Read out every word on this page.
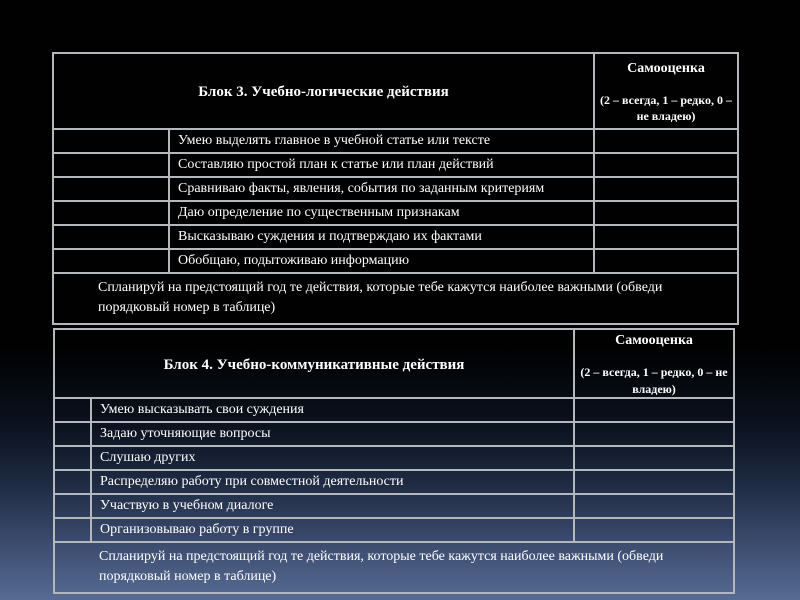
Блок 3. Учебно-логические действия		Самооценка
(2 – всегда, 1 – редко, 0 – не владею)

	Умею выделять главное в учебной статье или тексте	
	Составляю простой план к статье или план действий	
	Сравниваю факты, явления, события по заданным критериям	
	Даю определение по существенным признакам	
	Высказываю суждения и подтверждаю их фактами	
	Обобщаю, подытоживаю информацию	
Спланируй на предстоящий год те действия, которые тебе кажутся наиболее важными (обведи порядковый номер в таблице)		
Блок 4. Учебно-коммуникативные действия		Самооценка
(2 – всегда, 1 – редко, 0 – не владею)

	Умею высказывать свои суждения	
	Задаю уточняющие вопросы	
	Слушаю других	
	Распределяю работу при совместной деятельности	
	Участвую в учебном диалоге	
	Организовываю работу в группе	
Спланируй на предстоящий год те действия, которые тебе кажутся наиболее важными (обведи порядковый номер в таблице)		
